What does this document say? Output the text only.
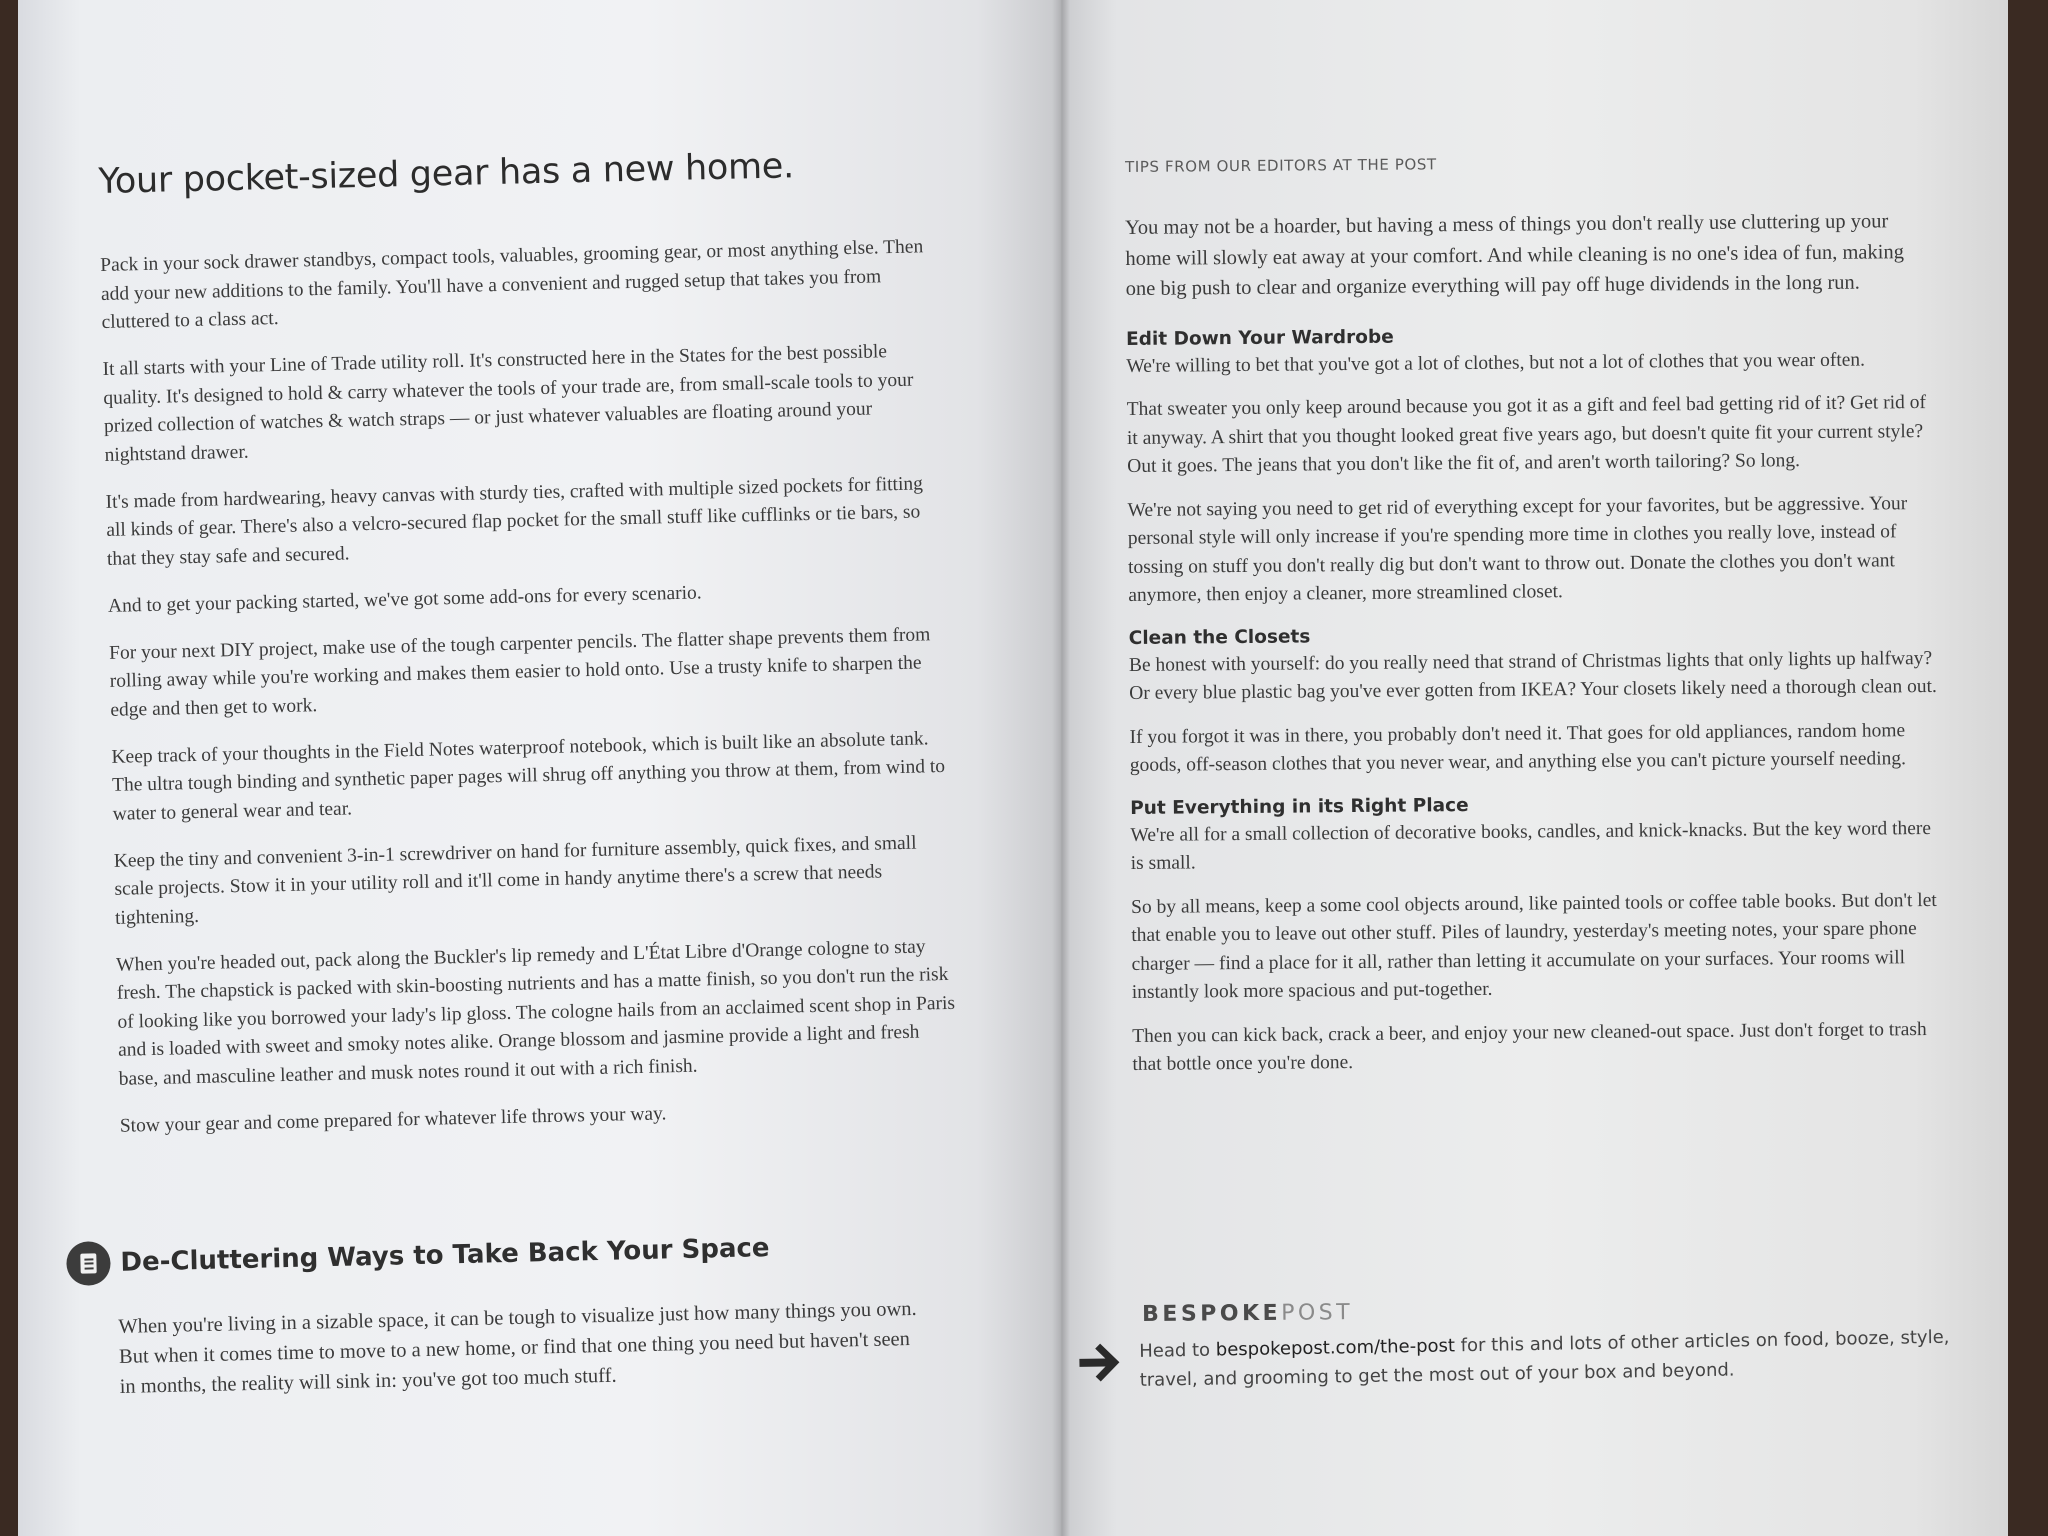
Your pocket-sized gear has a new home.

Pack in your sock drawer standbys, compact tools, valuables, grooming gear, or most anything else. Then add your new additions to the family. You'll have a convenient and rugged setup that takes you from cluttered to a class act.

It all starts with your Line of Trade utility roll. It's constructed here in the States for the best possible quality. It's designed to hold & carry whatever the tools of your trade are, from small-scale tools to your prized collection of watches & watch straps — or just whatever valuables are floating around your nightstand drawer.

It's made from hardwearing, heavy canvas with sturdy ties, crafted with multiple sized pockets for fitting all kinds of gear. There's also a velcro-secured flap pocket for the small stuff like cufflinks or tie bars, so that they stay safe and secured.

And to get your packing started, we've got some add-ons for every scenario.

For your next DIY project, make use of the tough carpenter pencils. The flatter shape prevents them from rolling away while you're working and makes them easier to hold onto. Use a trusty knife to sharpen the edge and then get to work.

Keep track of your thoughts in the Field Notes waterproof notebook, which is built like an absolute tank. The ultra tough binding and synthetic paper pages will shrug off anything you throw at them, from wind to water to general wear and tear.

Keep the tiny and convenient 3-in-1 screwdriver on hand for furniture assembly, quick fixes, and small scale projects. Stow it in your utility roll and it'll come in handy anytime there's a screw that needs tightening.

When you're headed out, pack along the Buckler's lip remedy and L'État Libre d'Orange cologne to stay fresh. The chapstick is packed with skin-boosting nutrients and has a matte finish, so you don't run the risk of looking like you borrowed your lady's lip gloss. The cologne hails from an acclaimed scent shop in Paris and is loaded with sweet and smoky notes alike. Orange blossom and jasmine provide a light and fresh base, and masculine leather and musk notes round it out with a rich finish.

Stow your gear and come prepared for whatever life throws your way.

De-Cluttering Ways to Take Back Your Space

When you're living in a sizable space, it can be tough to visualize just how many things you own. But when it comes time to move to a new home, or find that one thing you need but haven't seen in months, the reality will sink in: you've got too much stuff.

TIPS FROM OUR EDITORS AT THE POST

You may not be a hoarder, but having a mess of things you don't really use cluttering up your home will slowly eat away at your comfort. And while cleaning is no one's idea of fun, making one big push to clear and organize everything will pay off huge dividends in the long run.

Edit Down Your Wardrobe

We're willing to bet that you've got a lot of clothes, but not a lot of clothes that you wear often.

That sweater you only keep around because you got it as a gift and feel bad getting rid of it? Get rid of it anyway. A shirt that you thought looked great five years ago, but doesn't quite fit your current style? Out it goes. The jeans that you don't like the fit of, and aren't worth tailoring? So long.

We're not saying you need to get rid of everything except for your favorites, but be aggressive. Your personal style will only increase if you're spending more time in clothes you really love, instead of tossing on stuff you don't really dig but don't want to throw out. Donate the clothes you don't want anymore, then enjoy a cleaner, more streamlined closet.

Clean the Closets

Be honest with yourself: do you really need that strand of Christmas lights that only lights up halfway? Or every blue plastic bag you've ever gotten from IKEA? Your closets likely need a thorough clean out.

If you forgot it was in there, you probably don't need it. That goes for old appliances, random home goods, off-season clothes that you never wear, and anything else you can't picture yourself needing.

Put Everything in its Right Place

We're all for a small collection of decorative books, candles, and knick-knacks. But the key word there is small.

So by all means, keep a some cool objects around, like painted tools or coffee table books. But don't let that enable you to leave out other stuff. Piles of laundry, yesterday's meeting notes, your spare phone charger — find a place for it all, rather than letting it accumulate on your surfaces. Your rooms will instantly look more spacious and put-together.

Then you can kick back, crack a beer, and enjoy your new cleaned-out space. Just don't forget to trash that bottle once you're done.

BESPOKEPOST

Head to bespokepost.com/the-post for this and lots of other articles on food, booze, style, travel, and grooming to get the most out of your box and beyond.
